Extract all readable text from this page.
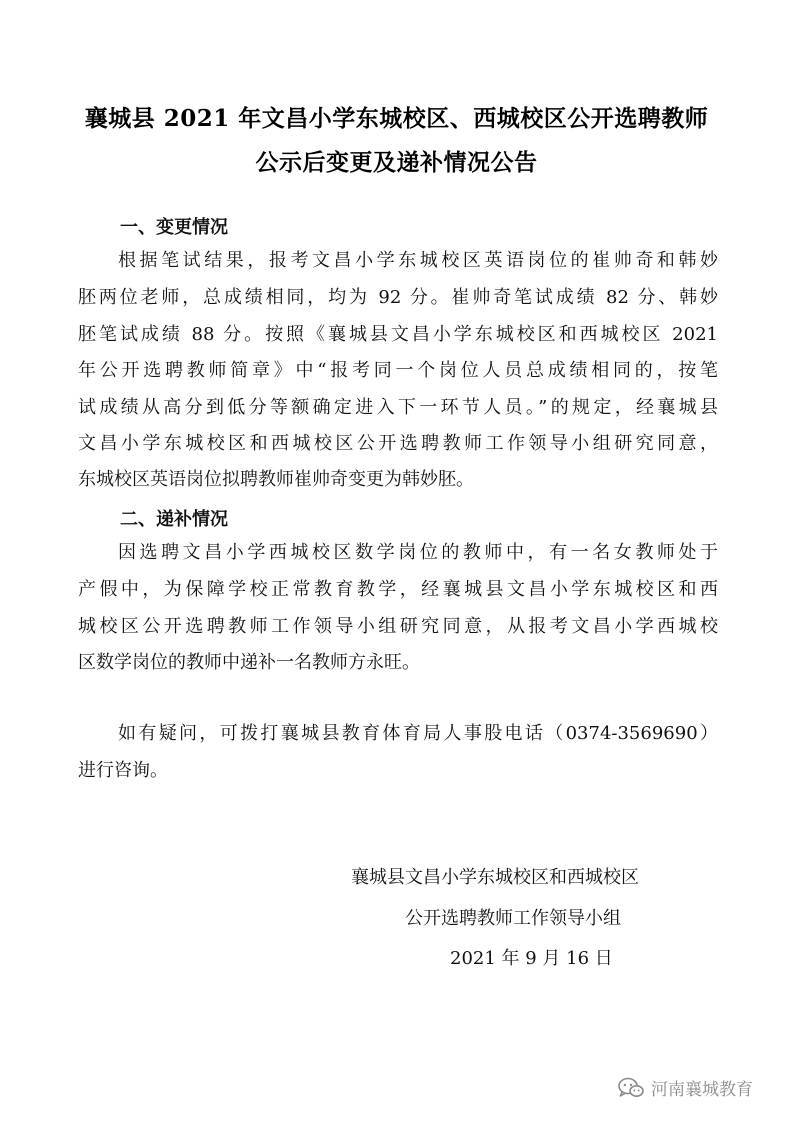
襄城县 2021 年文昌小学东城校区、西城校区公开选聘教师
公示后变更及递补情况公告
一、变更情况
根据笔试结果，报考文昌小学东城校区英语岗位的崔帅奇和韩妙
胚两位老师，总成绩相同，均为 92 分。崔帅奇笔试成绩 82 分、韩妙
胚笔试成绩 88 分。按照《襄城县文昌小学东城校区和西城校区 2021
年公开选聘教师简章》中“报考同一个岗位人员总成绩相同的，按笔
试成绩从高分到低分等额确定进入下一环节人员。”的规定，经襄城县
文昌小学东城校区和西城校区公开选聘教师工作领导小组研究同意，
东城校区英语岗位拟聘教师崔帅奇变更为韩妙胚。
二、递补情况
因选聘文昌小学西城校区数学岗位的教师中，有一名女教师处于
产假中，为保障学校正常教育教学，经襄城县文昌小学东城校区和西
城校区公开选聘教师工作领导小组研究同意，从报考文昌小学西城校
区数学岗位的教师中递补一名教师方永旺。
如有疑问，可拨打襄城县教育体育局人事股电话（0374-3569690）
进行咨询。
襄城县文昌小学东城校区和西城校区
公开选聘教师工作领导小组
2021 年 9 月 16 日
河南襄城教育
